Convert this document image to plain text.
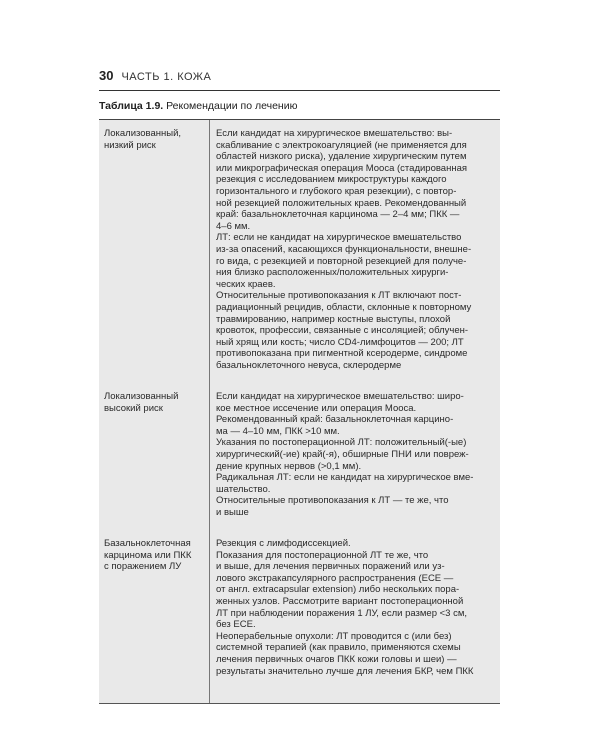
30 ЧАСТЬ 1. КОЖА
Таблица 1.9. Рекомендации по лечению
Локализованный,
низкий риск
Если кандидат на хирургическое вмешательство: вы-
скабливание с электрокоагуляцией (не применяется для
областей низкого риска), удаление хирургическим путем
или микрографическая операция Мооса (стадированная
резекция с исследованием микроструктуры каждого
горизонтального и глубокого края резекции), с повтор-
ной резекцией положительных краев. Рекомендованный
край: базальноклеточная карцинома — 2–4 мм; ПКК —
4–6 мм.
ЛТ: если не кандидат на хирургическое вмешательство
из-за опасений, касающихся функциональности, внешне-
го вида, с резекцией и повторной резекцией для получе-
ния близко расположенных/положительных хирурги-
ческих краев.
Относительные противопоказания к ЛТ включают пост-
радиационный рецидив, области, склонные к повторному
травмированию, например костные выступы, плохой
кровоток, профессии, связанные с инсоляцией; облучен-
ный хрящ или кость; число CD4-лимфоцитов — 200; ЛТ
противопоказана при пигментной ксеродерме, синдроме
базальноклеточного невуса, склеродерме
Локализованный
высокий риск
Если кандидат на хирургическое вмешательство: широ-
кое местное иссечение или операция Мооса.
Рекомендованный край: базальноклеточная карцино-
ма — 4–10 мм, ПКК >10 мм.
Указания по постоперационной ЛТ: положительный(-ые)
хирургический(-ие) край(-я), обширные ПНИ или повреж-
дение крупных нервов (>0,1 мм).
Радикальная ЛТ: если не кандидат на хирургическое вме-
шательство.
Относительные противопоказания к ЛТ — те же, что
и выше
Базальноклеточная
карцинома или ПКК
с поражением ЛУ
Резекция с лимфодиссекцией.
Показания для постоперационной ЛТ те же, что
и выше, для лечения первичных поражений или уз-
лового экстракапсулярного распространения (ECE —
от англ. extracapsular extension) либо нескольких пора-
женных узлов. Рассмотрите вариант постоперационной
ЛТ при наблюдении поражения 1 ЛУ, если размер <3 см,
без ECE.
Неоперабельные опухоли: ЛТ проводится с (или без)
системной терапией (как правило, применяются схемы
лечения первичных очагов ПКК кожи головы и шеи) —
результаты значительно лучше для лечения БКР, чем ПКК
